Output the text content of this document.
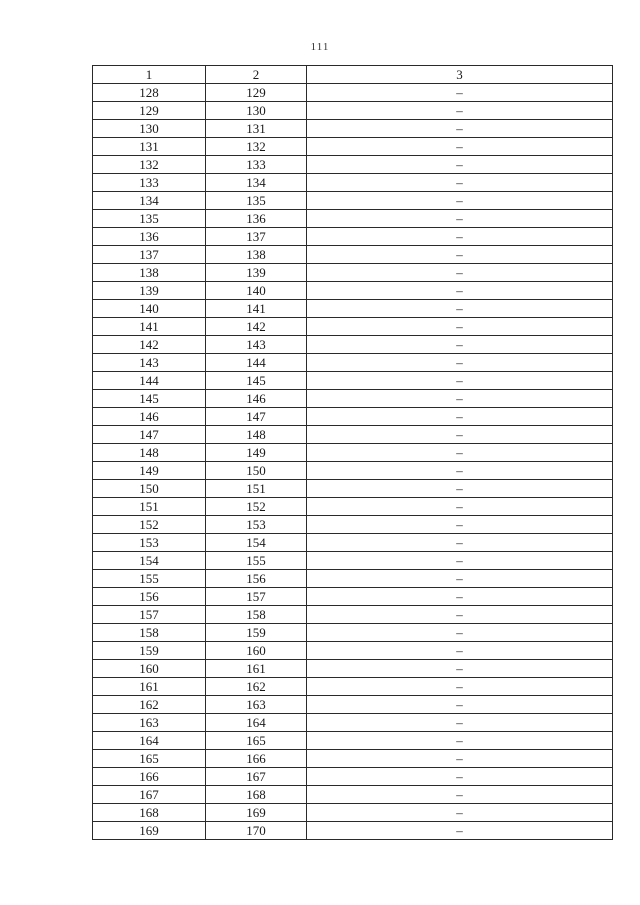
111
1	2	3
128	129	–
129	130	–
130	131	–
131	132	–
132	133	–
133	134	–
134	135	–
135	136	–
136	137	–
137	138	–
138	139	–
139	140	–
140	141	–
141	142	–
142	143	–
143	144	–
144	145	–
145	146	–
146	147	–
147	148	–
148	149	–
149	150	–
150	151	–
151	152	–
152	153	–
153	154	–
154	155	–
155	156	–
156	157	–
157	158	–
158	159	–
159	160	–
160	161	–
161	162	–
162	163	–
163	164	–
164	165	–
165	166	–
166	167	–
167	168	–
168	169	–
169	170	–
